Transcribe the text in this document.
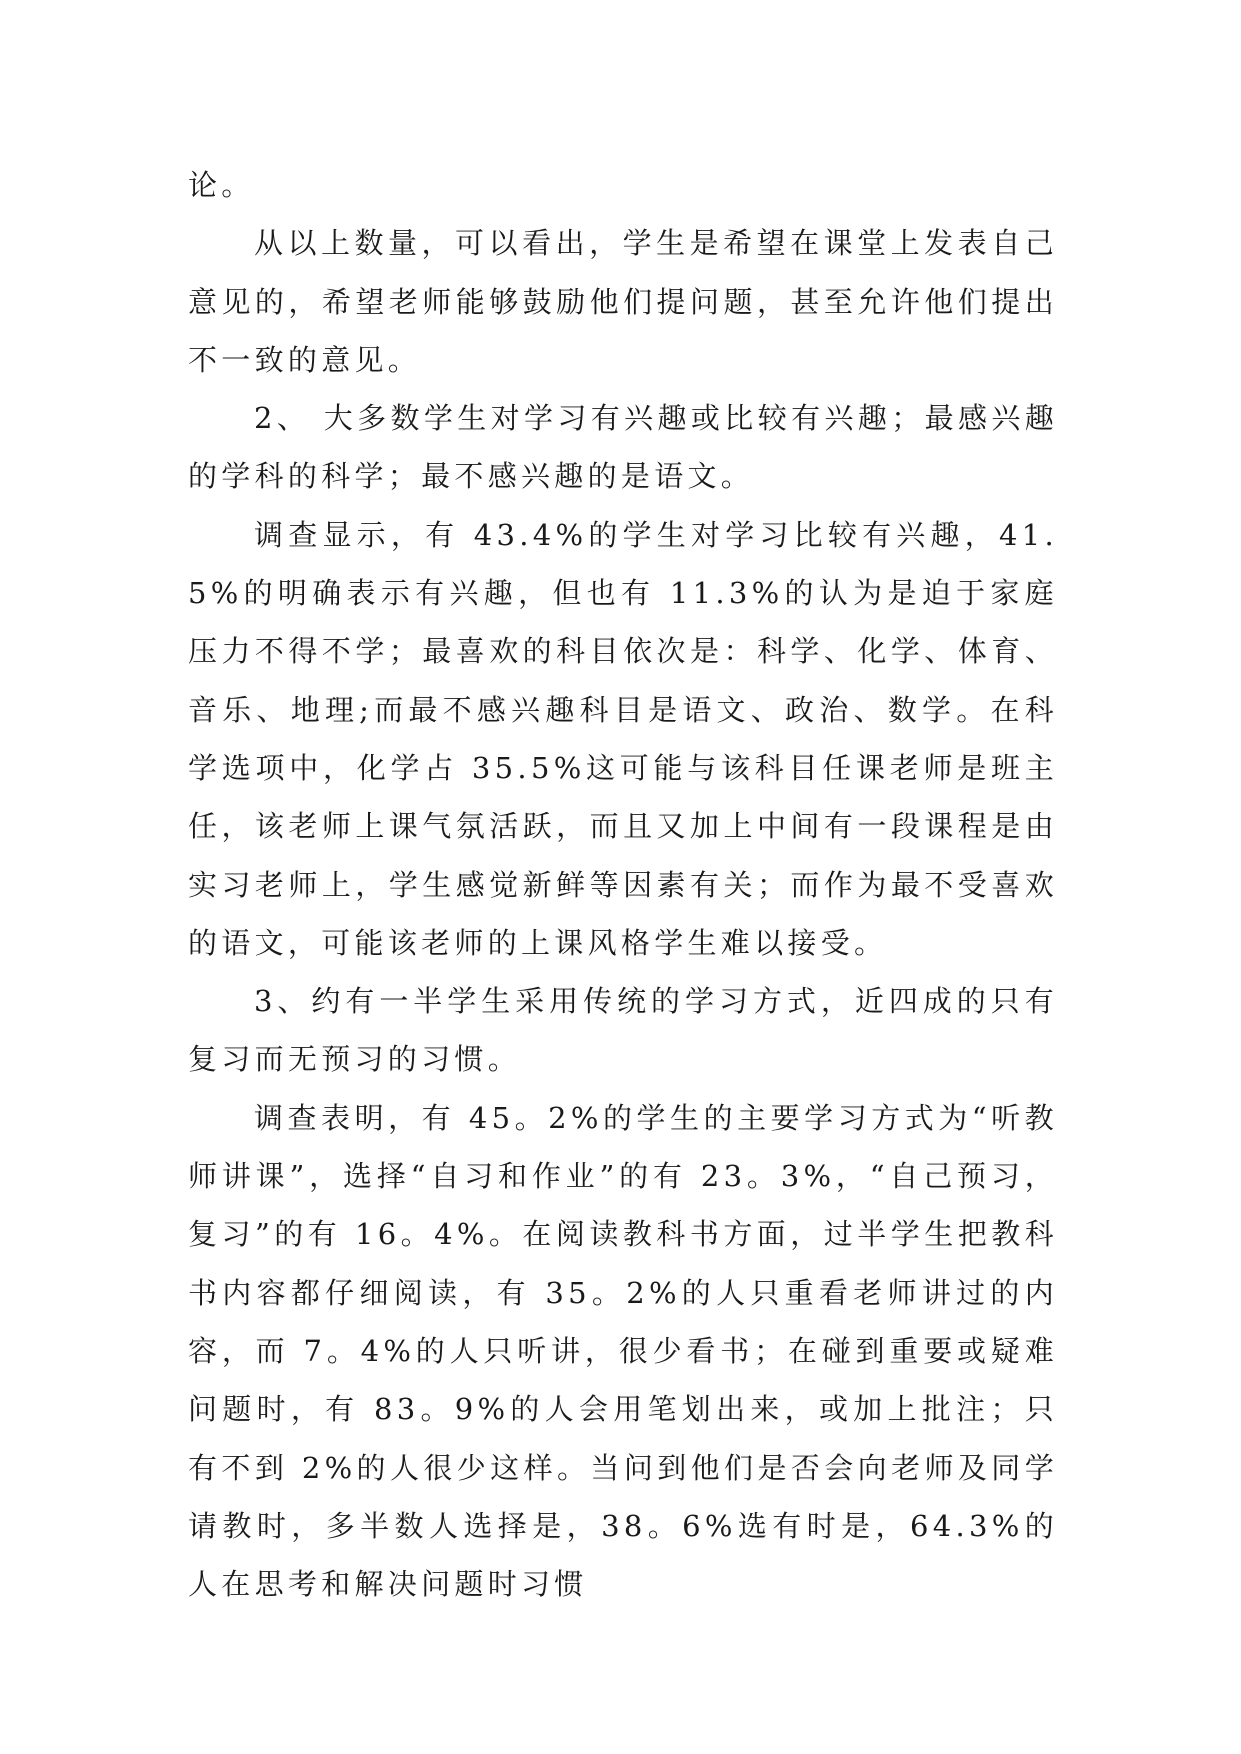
论。

从以上数量，可以看出，学生是希望在课堂上发表自己意见的，希望老师能够鼓励他们提问题，甚至允许他们提出不一致的意见。

2、 大多数学生对学习有兴趣或比较有兴趣；最感兴趣的学科的科学；最不感兴趣的是语文。

调查显示，有 43.4%的学生对学习比较有兴趣，41.5%的明确表示有兴趣，但也有 11.3%的认为是迫于家庭压力不得不学；最喜欢的科目依次是：科学、化学、体育、音乐、地理;而最不感兴趣科目是语文、政治、数学。在科学选项中，化学占 35.5%这可能与该科目任课老师是班主任，该老师上课气氛活跃，而且又加上中间有一段课程是由实习老师上，学生感觉新鲜等因素有关；而作为最不受喜欢的语文，可能该老师的上课风格学生难以接受。

3、约有一半学生采用传统的学习方式，近四成的只有复习而无预习的习惯。

调查表明，有 45。2%的学生的主要学习方式为“听教师讲课”，选择“自习和作业”的有 23。3%，“自己预习，复习”的有 16。4%。在阅读教科书方面，过半学生把教科书内容都仔细阅读，有 35。2%的人只重看老师讲过的内容，而 7。4%的人只听讲，很少看书；在碰到重要或疑难问题时，有 83。9%的人会用笔划出来，或加上批注；只有不到 2%的人很少这样。当问到他们是否会向老师及同学请教时，多半数人选择是，38。6%选有时是，64.3%的人在思考和解决问题时习惯
